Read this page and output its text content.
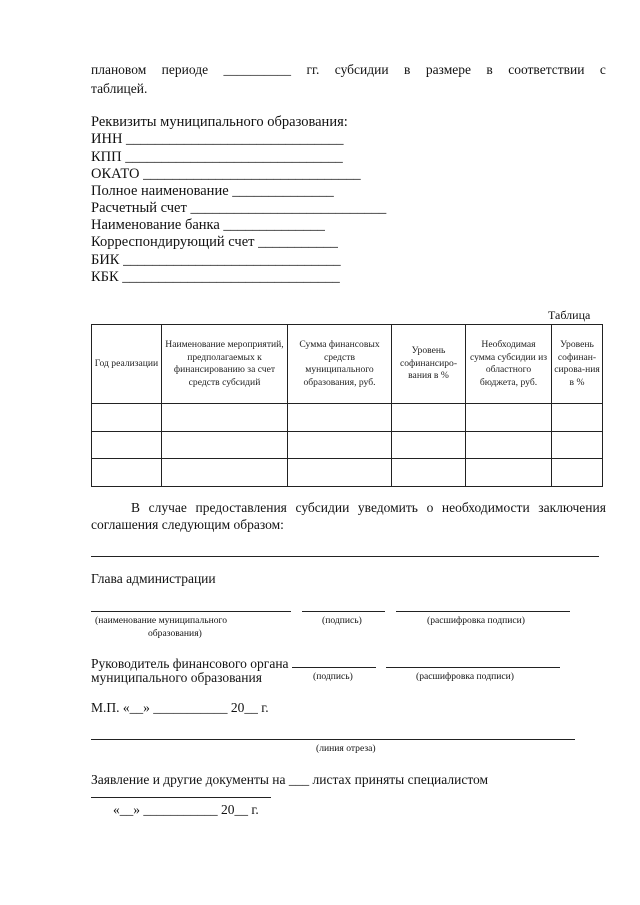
плановом периоде __________ гг. субсидии в размере в соответствии с
таблицей.
Реквизиты муниципального образования:
ИНН ______________________________
КПП ______________________________
ОКАТО ______________________________
Полное наименование ______________
Расчетный счет ___________________________
Наименование банка ______________
Корреспондирующий счет ___________
БИК ______________________________
КБК ______________________________
Таблица
Год реализации	Наименование мероприятий, предполагаемых к финансированию за счет средств субсидий	Сумма финансовых средств муниципального образования, руб.	Уровень софинансиро-вания в %	Необходимая сумма субсидии из областного бюджета, руб.	Уровень софинан-сирова-ния в %

В случае предоставления субсидии уведомить о необходимости заключения
соглашения следующим образом:
Глава администрации
(наименование муниципального
образования)
(подпись)	(расшифровка подписи)
Руководитель финансового органа
муниципального образования	(подпись)	(расшифровка подписи)
М.П. «__» ___________ 20__ г.
(линия отреза)
Заявление и другие документы на ___ листах приняты специалистом
«__» ___________ 20__ г.
